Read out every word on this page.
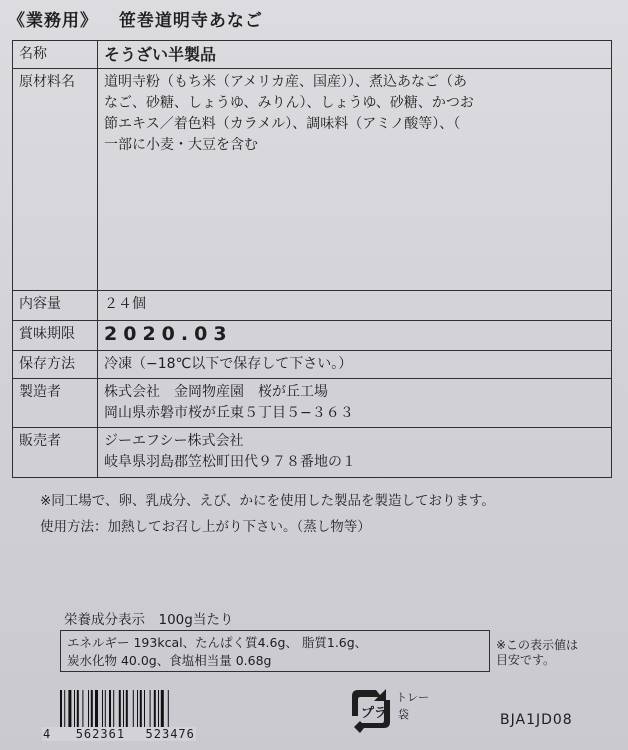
《業務用》 笹巻道明寺あなご
名称	そうざい半製品
原材料名	道明寺粉（もち米（アメリカ産、国産））、煮込あなご（あ
なご、砂糖、しょうゆ、みりん）、しょうゆ、砂糖、かつお
節エキス／着色料（カラメル）、調味料（アミノ酸等）、（
一部に小麦・大豆を含む

内容量	２４個
賞味期限	2020.03
保存方法	冷凍（−18℃以下で保存して下さい。）
製造者	株式会社　金岡物産園　桜が丘工場
岡山県赤磐市桜が丘東５丁目５−３６３

販売者	ジーエフシー株式会社
岐阜県羽島郡笠松町田代９７８番地の１
※同工場で、卵、乳成分、えび、かにを使用した製品を製造しております。
使用方法：加熱してお召し上がり下さい。（蒸し物等）
栄養成分表示　100g当たり
エネルギー 193kcal、たんぱく質4.6g、 脂質1.6g、
炭水化物 40.0g、食塩相当量 0.68g
※この表示値は
目安です。
4 562361 523476
プラ
トレー
袋	BJA1JD08
